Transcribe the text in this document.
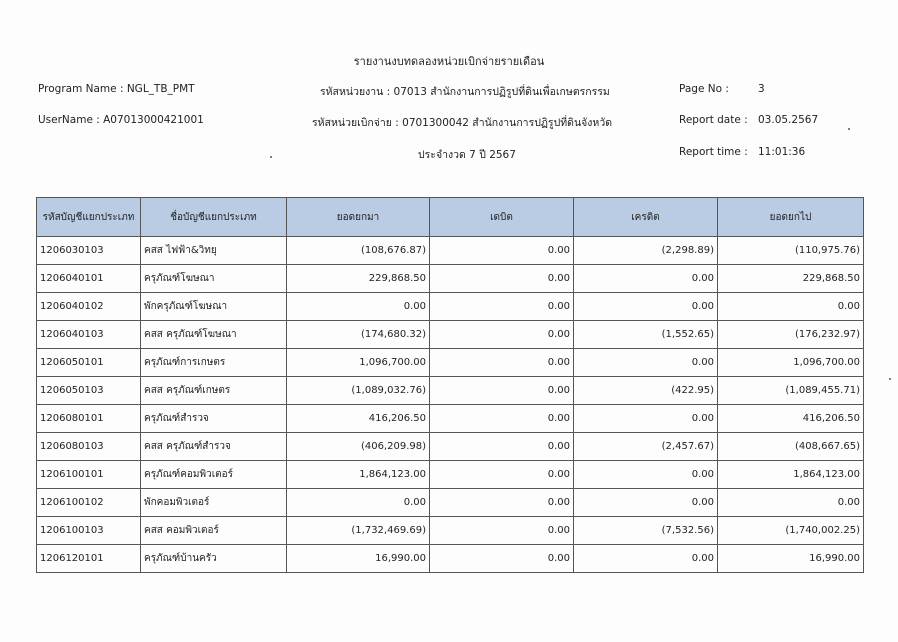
รายงานงบทดลองหน่วยเบิกจ่ายรายเดือน
Program Name : NGL_TB_PMT
UserName : A07013000421001
รหัสหน่วยงาน : 07013 สำนักงานการปฏิรูปที่ดินเพื่อเกษตรกรรม
รหัสหน่วยเบิกจ่าย : 0701300042 สำนักงานการปฏิรูปที่ดินจังหวัด
ประจำงวด 7 ปี 2567
Page No :	3
Report date : 03.05.2567
Report time : 11:01:36
รหัสบัญชีแยกประเภท	ชื่อบัญชีแยกประเภท	ยอดยกมา	เดบิต	เครดิต	ยอดยกไป
1206030103	คสส ไฟฟ้า&วิทยุ	(108,676.87)	0.00	(2,298.89)	(110,975.76)
1206040101	ครุภัณฑ์โฆษณา	229,868.50	0.00	0.00	229,868.50
1206040102	พักครุภัณฑ์โฆษณา	0.00	0.00	0.00	0.00
1206040103	คสส ครุภัณฑ์โฆษณา	(174,680.32)	0.00	(1,552.65)	(176,232.97)
1206050101	ครุภัณฑ์การเกษตร	1,096,700.00	0.00	0.00	1,096,700.00
1206050103	คสส ครุภัณฑ์เกษตร	(1,089,032.76)	0.00	(422.95)	(1,089,455.71)
1206080101	ครุภัณฑ์สำรวจ	416,206.50	0.00	0.00	416,206.50
1206080103	คสส ครุภัณฑ์สำรวจ	(406,209.98)	0.00	(2,457.67)	(408,667.65)
1206100101	ครุภัณฑ์คอมพิวเตอร์	1,864,123.00	0.00	0.00	1,864,123.00
1206100102	พักคอมพิวเตอร์	0.00	0.00	0.00	0.00
1206100103	คสส คอมพิวเตอร์	(1,732,469.69)	0.00	(7,532.56)	(1,740,002.25)
1206120101	ครุภัณฑ์บ้านครัว	16,990.00	0.00	0.00	16,990.00
